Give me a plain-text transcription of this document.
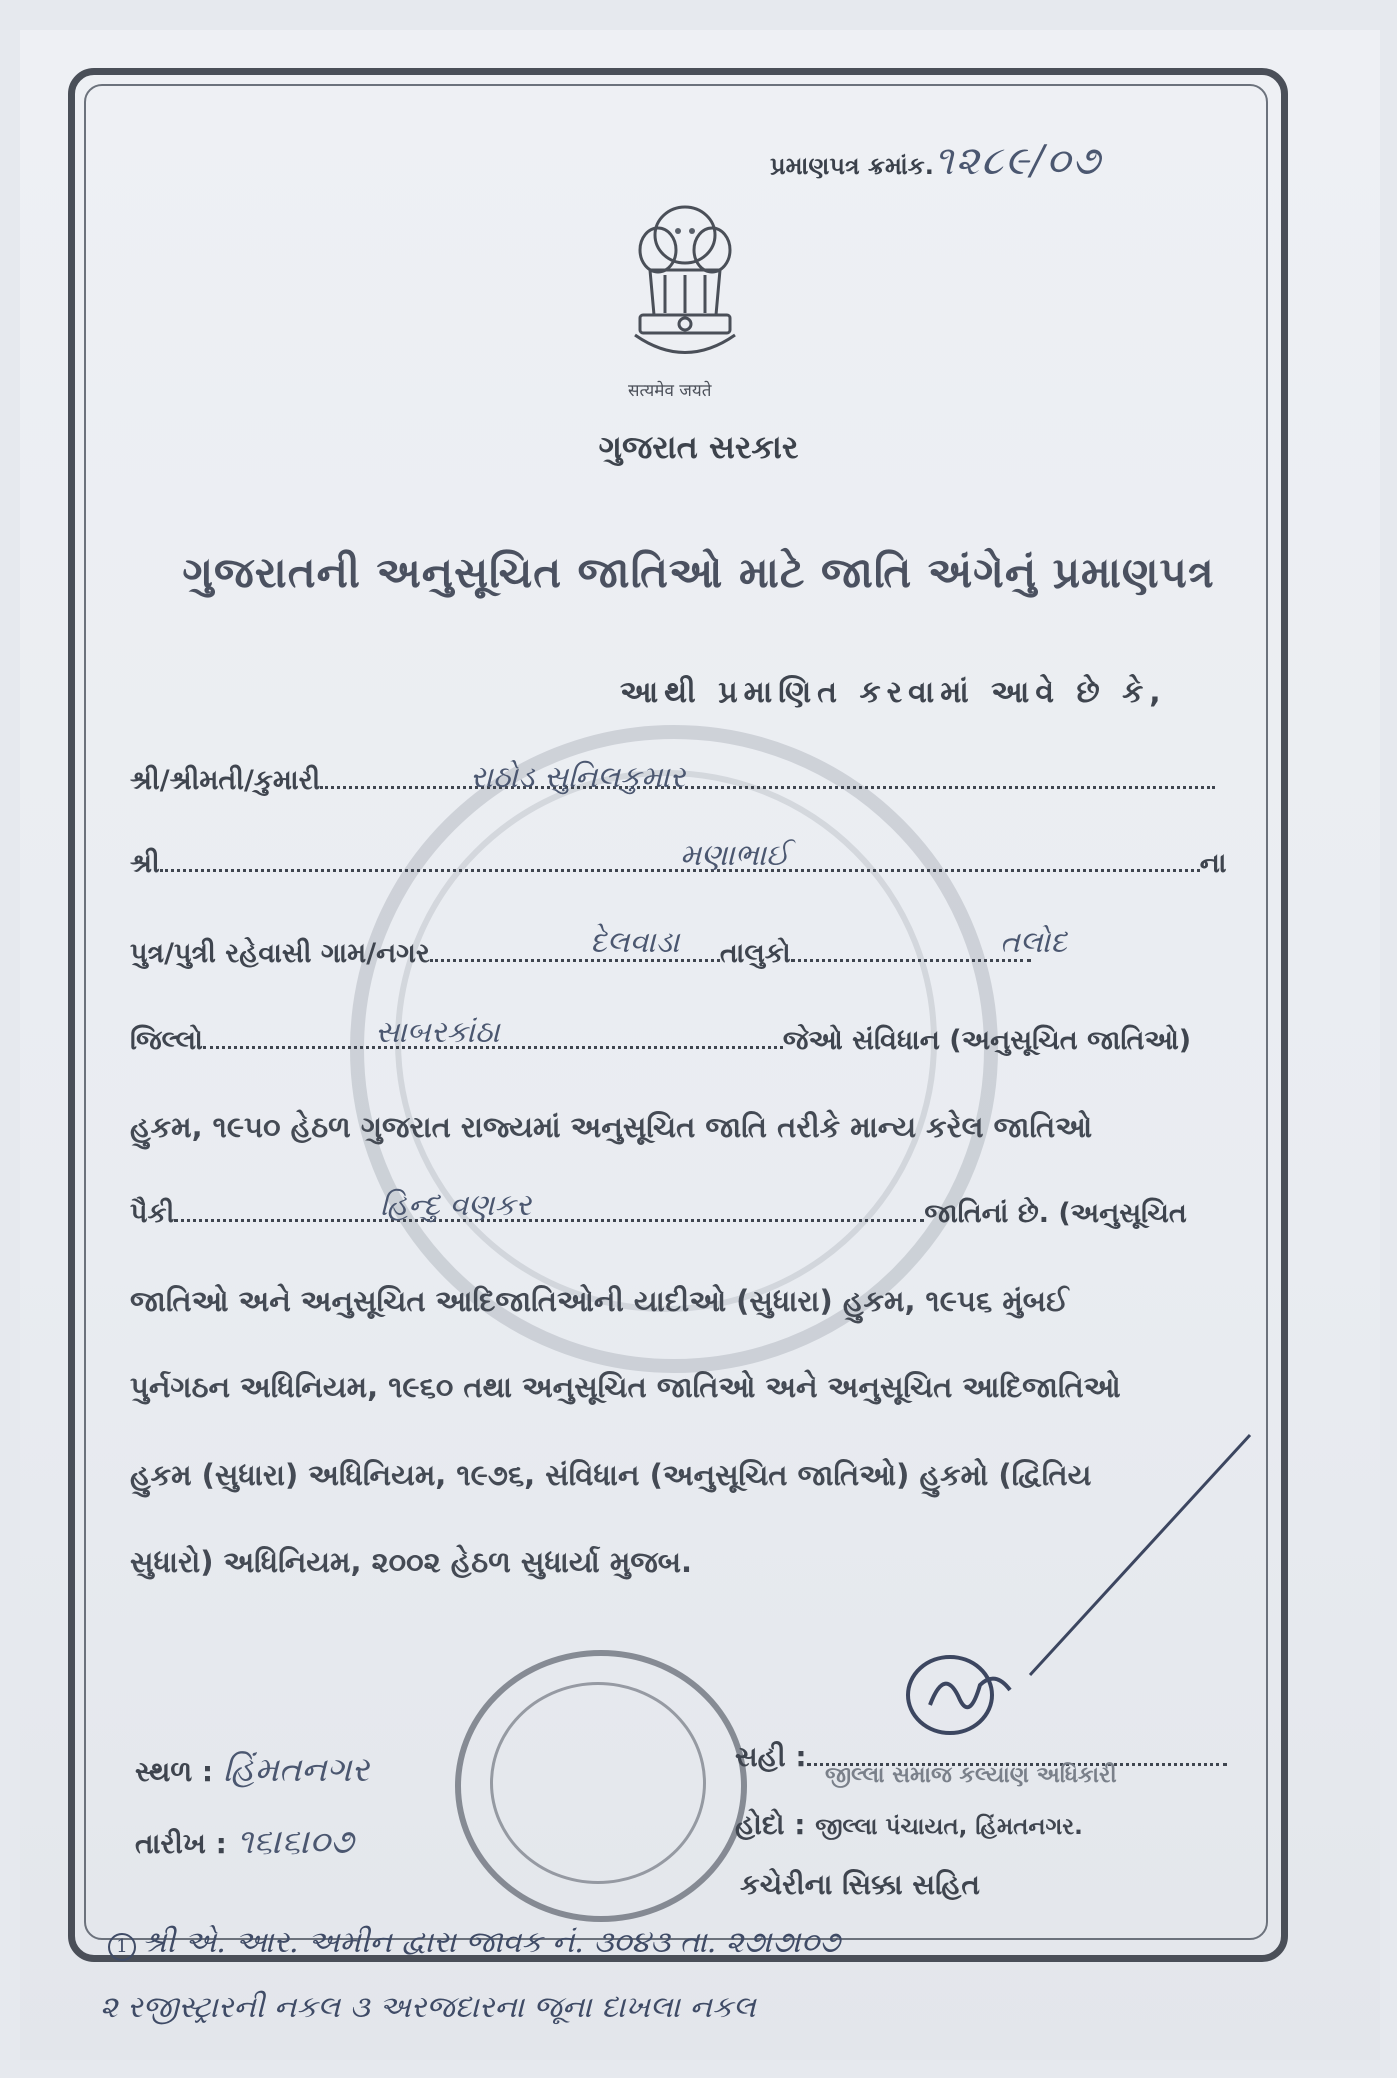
પ્રમાણપત્ર ક્રમાંક.૧૨૮૯/૦૭
सत्यमेव जयते
ગુજરાત સરકાર
ગુજરાતની અનુસૂચિત જાતિઓ માટે જાતિ અંગેનું પ્રમાણપત્ર
આથી પ્રમાણિત કરવામાં આવે છે કે,
શ્રી/શ્રીમતી/કુમારી	રાઠોડ સુનિલકુમાર
શ્રી	ના
મણાભાઈ
પુત્ર/પુત્રી રહેવાસી ગામ/નગર	તાલુકો
દેલવાડા	તલોદ
જિલ્લો	જેઓ સંવિધાન (અનુસૂચિત જાતિઓ)
સાબરકાંઠા
હુકમ, ૧૯૫૦ હેઠળ ગુજરાત રાજ્યમાં અનુસૂચિત જાતિ તરીકે માન્ય કરેલ જાતિઓ
પૈકી	જાતિનાં છે. (અનુસૂચિત
હિન્દુ વણકર
જાતિઓ અને અનુસૂચિત આદિજાતિઓની યાદીઓ (સુધારા) હુકમ, ૧૯૫૬ મુંબઈ
પુર્નગઠન અધિનિયમ, ૧૯૬૦ તથા અનુસૂચિત જાતિઓ અને અનુસૂચિત આદિજાતિઓ
હુકમ (સુધારા) અધિનિયમ, ૧૯૭૬, સંવિધાન (અનુસૂચિત જાતિઓ) હુકમો (દ્વિતિય
સુધારો) અધિનિયમ, ૨૦૦૨ હેઠળ સુધાર્યા મુજબ.
સ્થળ : હિંમતનગર
તારીખ : ૧૬।૬।૦૭
સહી :
જીલ્લા સમાજ કલ્યાણ અધિકારી
હોદો : જીલ્લા પંચાયત, હિંમતનગર.
કચેરીના સિક્કા સહિત
1 શ્રી એ. આર. અમીન દ્વારા જાવક નં. ૩૦૪૩ તા. ૨૭।૭।૦૭
૨ રજીસ્ટ્રારની નકલ ૩ અરજદારના જૂના દાખલા નકલ
